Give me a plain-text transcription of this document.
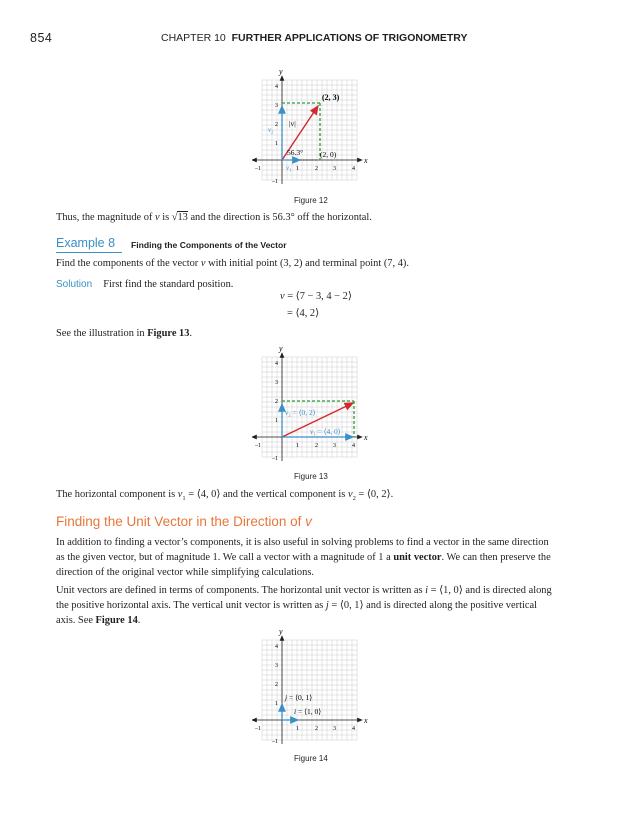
854	CHAPTER 10 FURTHER APPLICATIONS OF TRIGONOMETRY
x
y
–1	1	2	3	4
4
3
2
1
–1
(2, 3)
|v|
56.3° (2, 0)
$v_1$
$v_2$
Figure 12
Thus, the magnitude of v is √13 and the direction is 56.3° off the horizontal.
Example 8 Finding the Components of the Vector
Find the components of the vector v with initial point (3, 2) and terminal point (7, 4).
Solution First find the standard position.
v = ⟨7 − 3, 4 − 2⟩
= ⟨4, 2⟩
See the illustration in Figure 13.
x
y
–1	1	2	3	4
4
3
2
1
–1
$v_2$ = ⟨0, 2⟩
$v_1$ = ⟨4, 0⟩
Figure 13
The horizontal component is $v_1$ = ⟨4, 0⟩ and the vertical component is $v_2$ = ⟨0, 2⟩.
Finding the Unit Vector in the Direction of v
In addition to finding a vector’s components, it is also useful in solving problems to find a vector in the same direction
as the given vector, but of magnitude 1. We call a vector with a magnitude of 1 a unit vector. We can then preserve the
direction of the original vector while simplifying calculations.
Unit vectors are defined in terms of components. The horizontal unit vector is written as i = ⟨1, 0⟩ and is directed along
the positive horizontal axis. The vertical unit vector is written as j = ⟨0, 1⟩ and is directed along the positive vertical
axis. See Figure 14.
x
y
–1	1	2	3	4
4
3
2
1
–1
j = ⟨0, 1⟩
i = ⟨1, 0⟩
Figure 14
